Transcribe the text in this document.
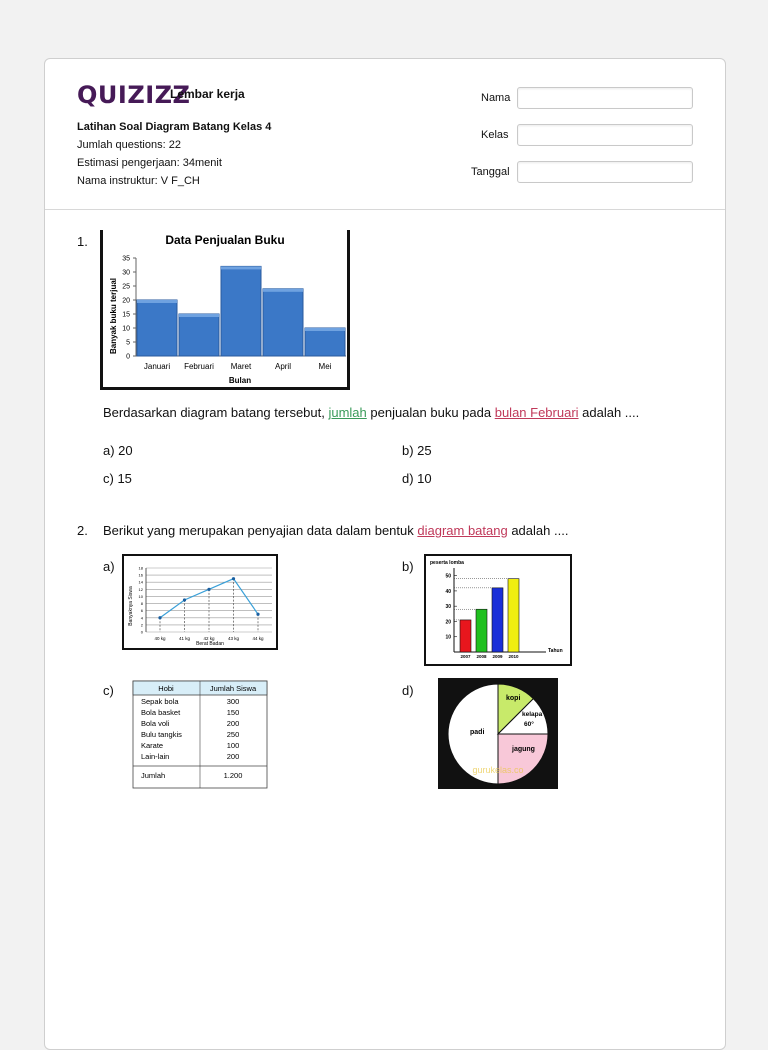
QUIZIZZ
Lembar kerja
Latihan Soal Diagram Batang Kelas 4
Jumlah questions: 22
Estimasi pengerjaan: 34menit
Nama instruktur: V F_CH
Nama
Kelas
Tanggal
1.	Data Penjualan Buku
Banyak buku terjual
Bulan
0
5
10
15
20
25
30
35
Januari Februari Maret	April	Mei
Berdasarkan diagram batang tersebut, jumlah penjualan buku pada bulan Februari adalah ....
a) 20	b) 25
c) 15	d) 10
2. Berikut yang merupakan penyajian data dalam bentuk diagram batang adalah ....
a)
Banyaknya Siswa
Berat Badan
0
2
4
6
8
10
12
14
16
18
40 kg	41 kg	42 kg	43 kg	44 kg
b)	peserta lomba
Tahun
10
20
30
40
50
2007 2008 2009 2010
c)	Hobi	Jumlah Siswa
Sepak bola	300
Bola basket	150
Bola voli	200
Bulu tangkis	250
Karate	100
Lain-lain	200
Jumlah	1.200
d)
padi
kopi
kelapa
60°
jagung
gurukelas.co
